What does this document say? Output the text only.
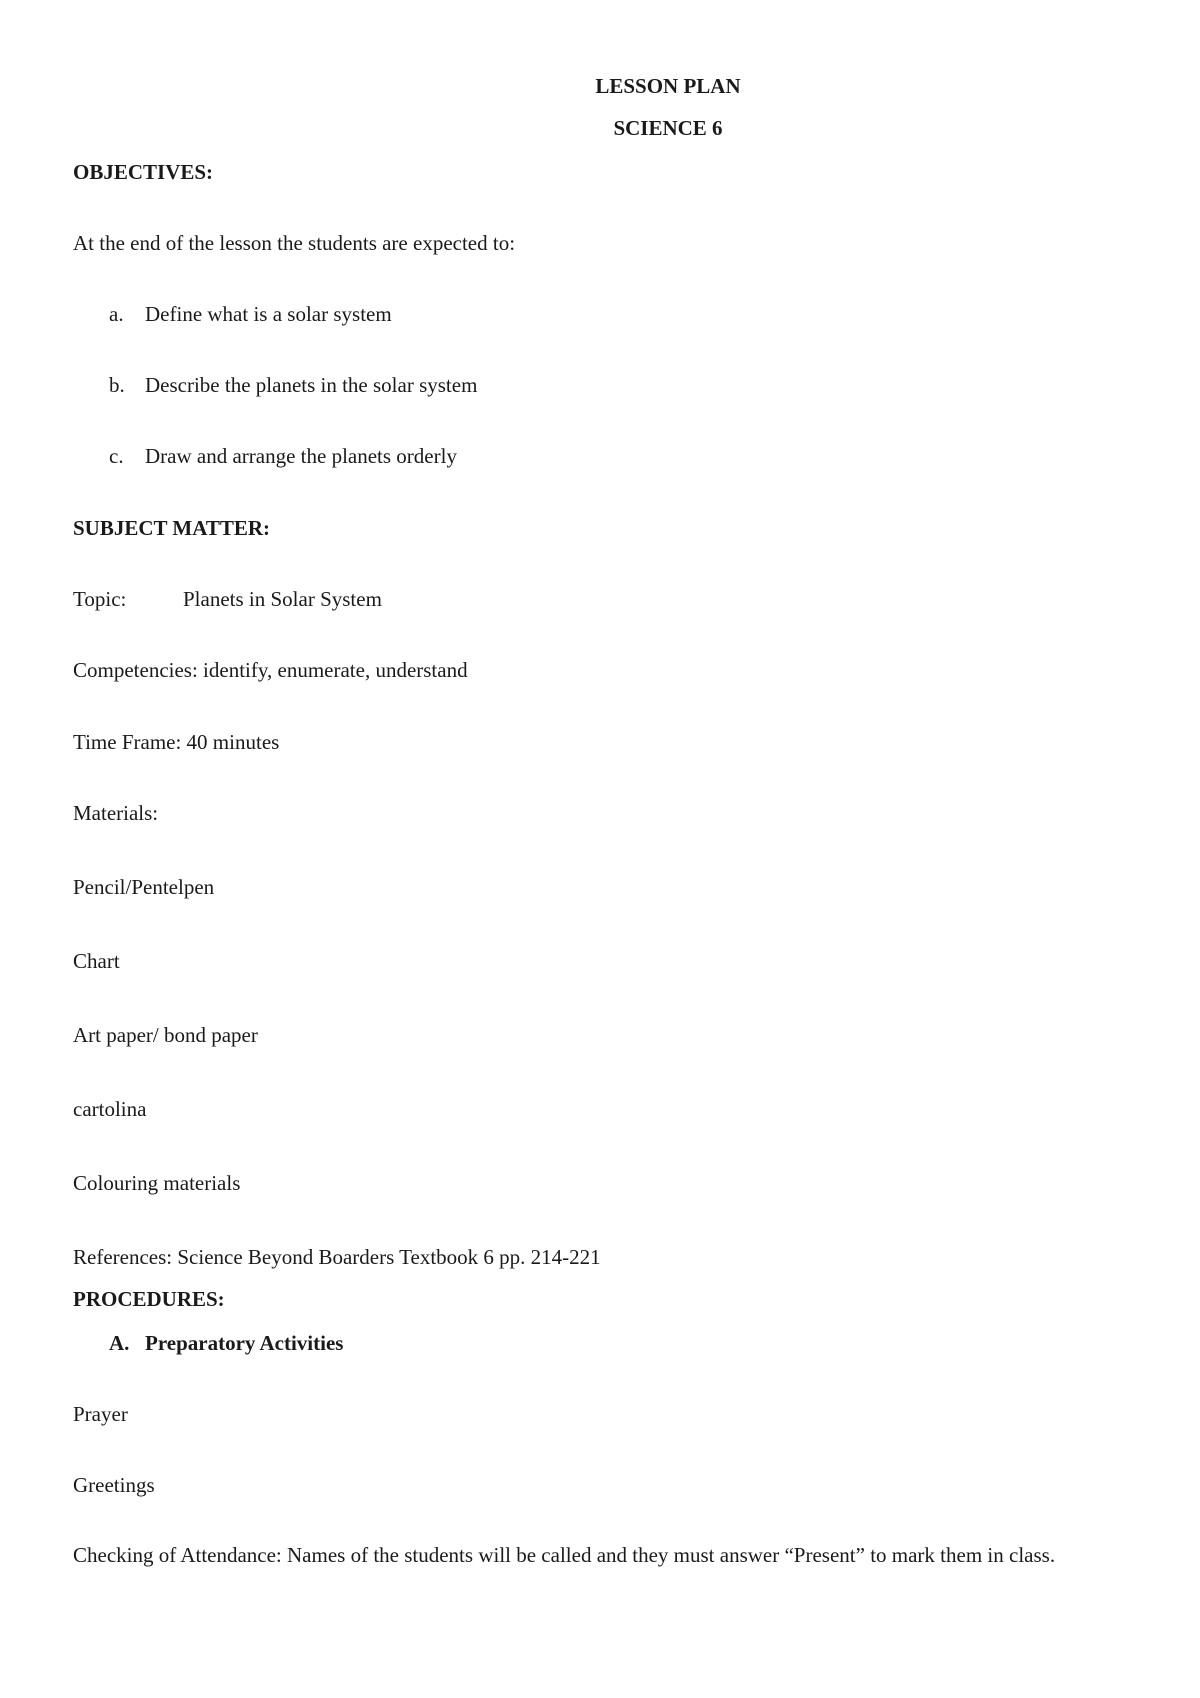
LESSON PLAN
SCIENCE 6
OBJECTIVES:
At the end of the lesson the students are expected to:
a. Define what is a solar system
b. Describe the planets in the solar system
c. Draw and arrange the planets orderly
SUBJECT MATTER:
Topic:	Planets in Solar System
Competencies: identify, enumerate, understand
Time Frame: 40 minutes
Materials:
Pencil/Pentelpen
Chart
Art paper/ bond paper
cartolina
Colouring materials
References: Science Beyond Boarders Textbook 6 pp. 214-221
PROCEDURES:
A. Preparatory Activities
Prayer
Greetings
Checking of Attendance: Names of the students will be called and they must answer “Present” to mark them in class.
